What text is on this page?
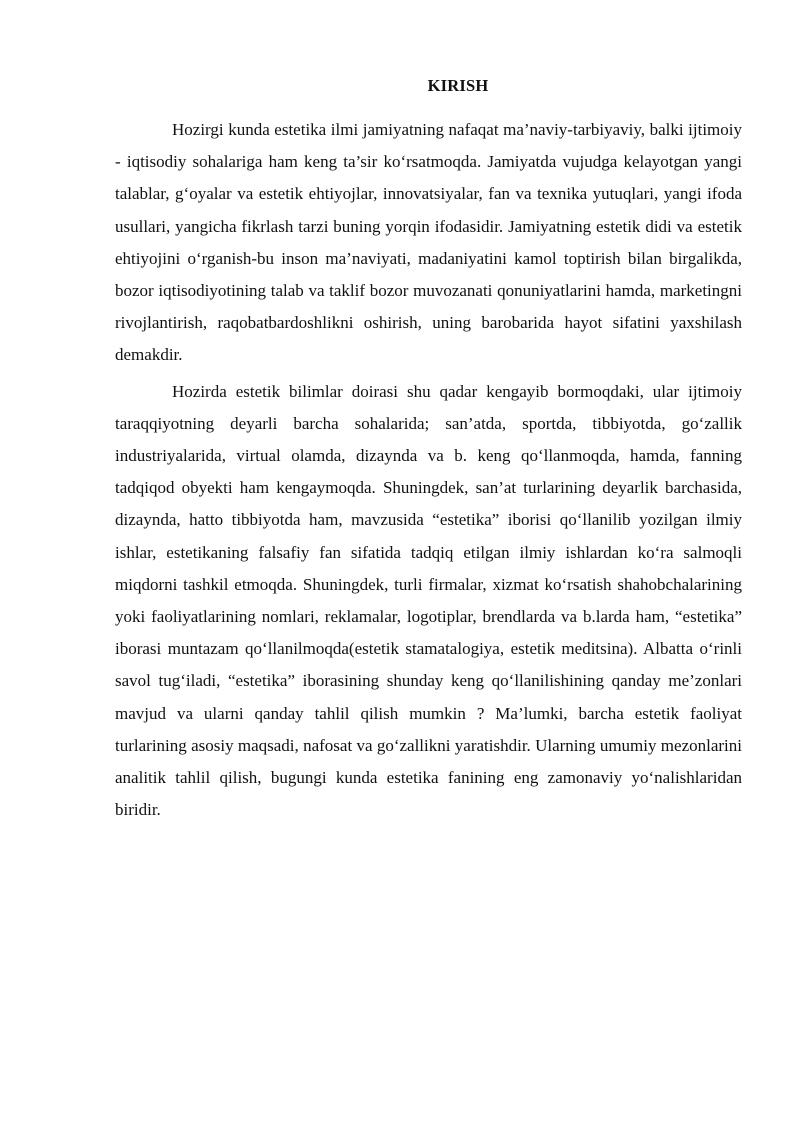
KIRISH

Hozirgi kunda estetika ilmi jamiyatning nafaqat ma’naviy-tarbiyaviy, balki ijtimoiy - iqtisodiy sohalariga ham keng ta’sir ko‘rsatmoqda. Jamiyatda vujudga kelayotgan yangi talablar, g‘oyalar va estetik ehtiyojlar, innovatsiyalar, fan va texnika yutuqlari, yangi ifoda usullari, yangicha fikrlash tarzi buning yorqin ifodasidir. Jamiyatning estetik didi va estetik ehtiyojini o‘rganish-bu inson ma’naviyati, madaniyatini kamol toptirish bilan birgalikda, bozor iqtisodiyotining talab va taklif bozor muvozanati qonuniyatlarini hamda, marketingni rivojlantirish, raqobatbardoshlikni oshirish, uning barobarida hayot sifatini yaxshilash demakdir.

Hozirda estetik bilimlar doirasi shu qadar kengayib bormoqdaki, ular ijtimoiy taraqqiyotning deyarli barcha sohalarida; san’atda, sportda, tibbiyotda, go‘zallik industriyalarida, virtual olamda, dizaynda va b. keng qo‘llanmoqda, hamda, fanning tadqiqod obyekti ham kengaymoqda. Shuningdek, san’at turlarining deyarlik barchasida, dizaynda, hatto tibbiyotda ham, mavzusida “estetika” iborisi qo‘llanilib yozilgan ilmiy ishlar, estetikaning falsafiy fan sifatida tadqiq etilgan ilmiy ishlardan ko‘ra salmoqli miqdorni tashkil etmoqda. Shuningdek, turli firmalar, xizmat ko‘rsatish shahobchalarining yoki faoliyatlarining nomlari, reklamalar, logotiplar, brendlarda va b.larda ham, “estetika” iborasi muntazam qo‘llanilmoqda(estetik stamatalogiya, estetik meditsina). Albatta o‘rinli savol tug‘iladi, “estetika” iborasining shunday keng qo‘llanilishining qanday me’zonlari mavjud va ularni qanday tahlil qilish mumkin ? Ma’lumki, barcha estetik faoliyat turlarining asosiy maqsadi, nafosat va go‘zallikni yaratishdir. Ularning umumiy mezonlarini analitik tahlil qilish, bugungi kunda estetika fanining eng zamonaviy yo‘nalishlaridan biridir.
